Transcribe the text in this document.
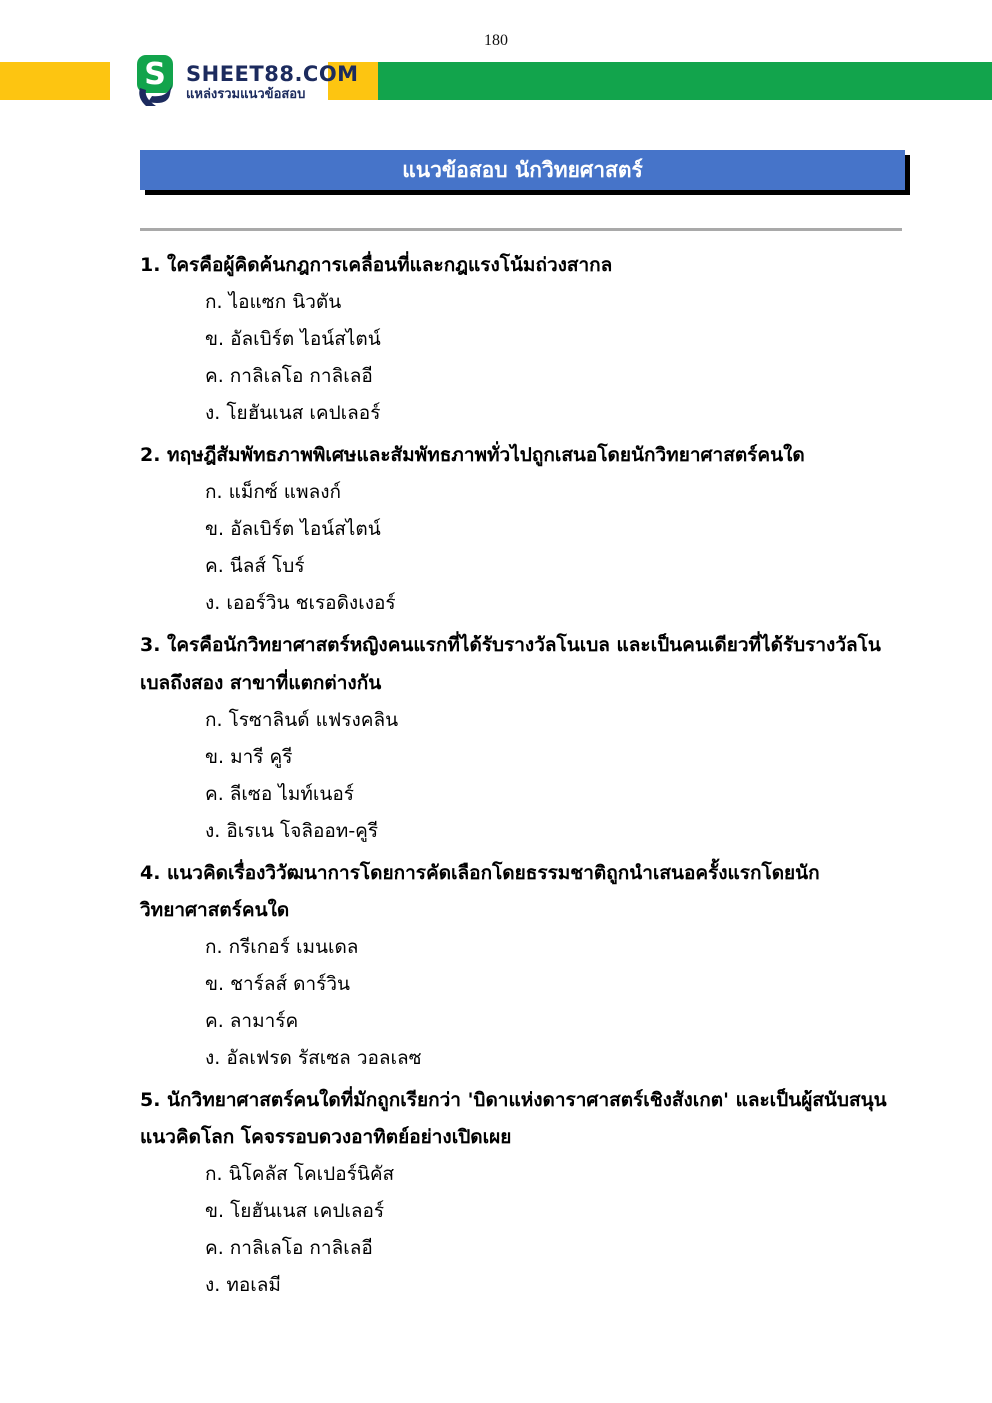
180
S SHEET88.COM
แหล่งรวมแนวข้อสอบ
แนวข้อสอบ นักวิทยศาสตร์

1. ใครคือผู้คิดค้นกฎการเคลื่อนที่และกฎแรงโน้มถ่วงสากล

ก. ไอแซก นิวตัน

ข. อัลเบิร์ต ไอน์สไตน์

ค. กาลิเลโอ กาลิเลอี

ง. โยฮันเนส เคปเลอร์

2. ทฤษฎีสัมพัทธภาพพิเศษและสัมพัทธภาพทั่วไปถูกเสนอโดยนักวิทยาศาสตร์คนใด

ก. แม็กซ์ แพลงก์

ข. อัลเบิร์ต ไอน์สไตน์

ค. นีลส์ โบร์

ง. เออร์วิน ชเรอดิงเงอร์

3. ใครคือนักวิทยาศาสตร์หญิงคนแรกที่ได้รับรางวัลโนเบล และเป็นคนเดียวที่ได้รับรางวัลโนเบลถึงสอง สาขาที่แตกต่างกัน

ก. โรซาลินด์ แฟรงคลิน

ข. มารี คูรี

ค. ลีเซอ ไมท์เนอร์

ง. อิเรเน โจลิออท-คูรี

4. แนวคิดเรื่องวิวัฒนาการโดยการคัดเลือกโดยธรรมชาติถูกนำเสนอครั้งแรกโดยนักวิทยาศาสตร์คนใด

ก. กรีเกอร์ เมนเดล

ข. ชาร์ลส์ ดาร์วิน

ค. ลามาร์ค

ง. อัลเฟรด รัสเซล วอลเลซ

5. นักวิทยาศาสตร์คนใดที่มักถูกเรียกว่า 'บิดาแห่งดาราศาสตร์เชิงสังเกต' และเป็นผู้สนับสนุนแนวคิดโลก โคจรรอบดวงอาทิตย์อย่างเปิดเผย

ก. นิโคลัส โคเปอร์นิคัส

ข. โยฮันเนส เคปเลอร์

ค. กาลิเลโอ กาลิเลอี

ง. ทอเลมี
